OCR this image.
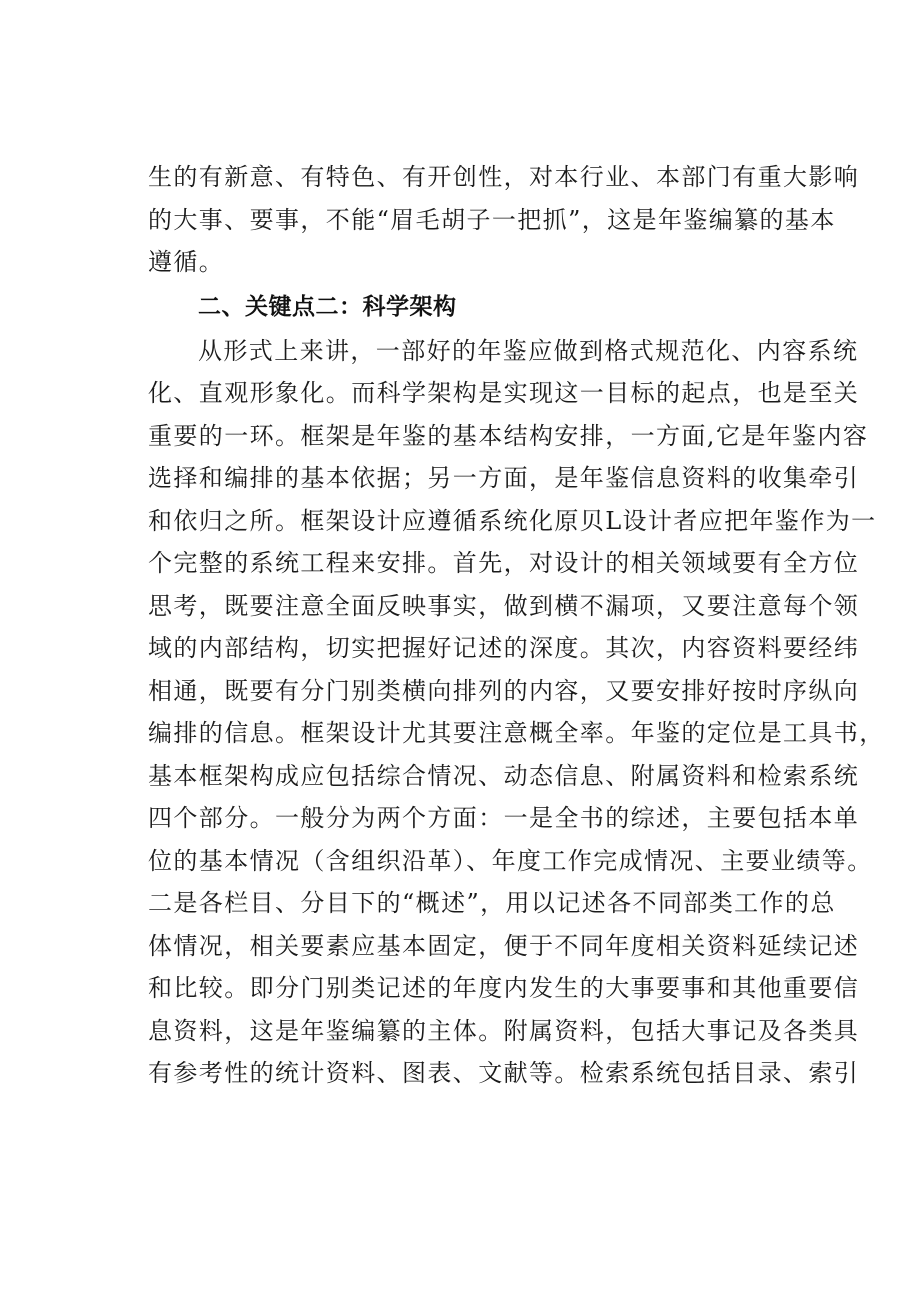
生的有新意、有特色、有开创性，对本行业、本部门有重大影响
的大事、要事，不能“眉毛胡子一把抓”，这是年鉴编纂的基本
遵循。
二、关键点二：科学架构
从形式上来讲，一部好的年鉴应做到格式规范化、内容系统
化、直观形象化。而科学架构是实现这一目标的起点，也是至关
重要的一环。框架是年鉴的基本结构安排，一方面,它是年鉴内容
选择和编排的基本依据；另一方面，是年鉴信息资料的收集牵引
和依归之所。框架设计应遵循系统化原贝L设计者应把年鉴作为一
个完整的系统工程来安排。首先，对设计的相关领域要有全方位
思考，既要注意全面反映事实，做到横不漏项，又要注意每个领
域的内部结构，切实把握好记述的深度。其次，内容资料要经纬
相通，既要有分门别类横向排列的内容，又要安排好按时序纵向
编排的信息。框架设计尤其要注意概全率。年鉴的定位是工具书，
基本框架构成应包括综合情况、动态信息、附属资料和检索系统
四个部分。一般分为两个方面：一是全书的综述，主要包括本单
位的基本情况（含组织沿革）、年度工作完成情况、主要业绩等。
二是各栏目、分目下的“概述”，用以记述各不同部类工作的总
体情况，相关要素应基本固定，便于不同年度相关资料延续记述
和比较。即分门别类记述的年度内发生的大事要事和其他重要信
息资料，这是年鉴编纂的主体。附属资料，包括大事记及各类具
有参考性的统计资料、图表、文献等。检索系统包括目录、索引
